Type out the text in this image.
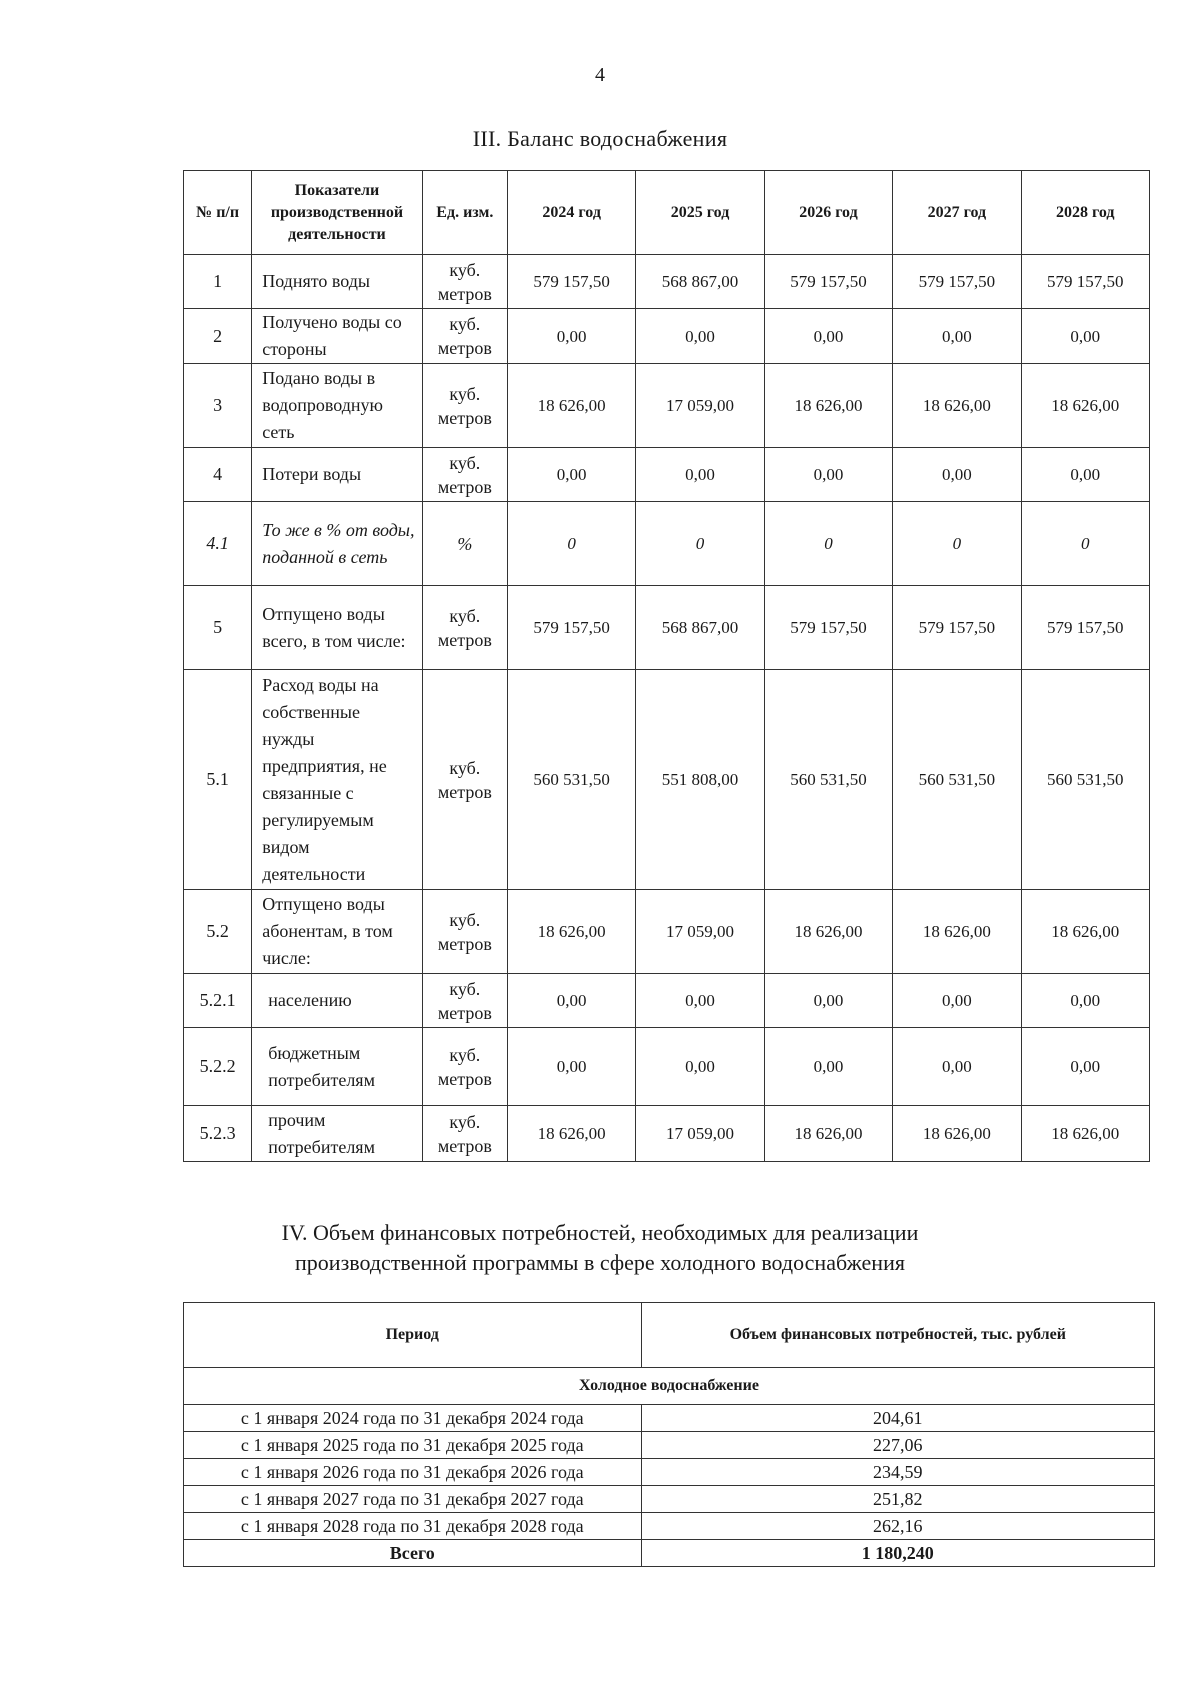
4
III. Баланс водоснабжения
№ п/п	Показатели производственной деятельности	Ед. изм.	2024 год	2025 год	2026 год	2027 год	2028 год
1	Поднято воды	куб. метров	579 157,50	568 867,00	579 157,50	579 157,50	579 157,50
2	Получено воды со стороны	куб. метров	0,00	0,00	0,00	0,00	0,00
3	Подано воды в водопроводную сеть	куб. метров	18 626,00	17 059,00	18 626,00	18 626,00	18 626,00
4	Потери воды	куб. метров	0,00	0,00	0,00	0,00	0,00
4.1	То же в % от воды, поданной в сеть	%	0	0	0	0	0
5	Отпущено воды всего, в том числе:	куб. метров	579 157,50	568 867,00	579 157,50	579 157,50	579 157,50
5.1	Расход воды на собственные нужды предприятия, не связанные с регулируемым видом деятельности	куб. метров	560 531,50	551 808,00	560 531,50	560 531,50	560 531,50
5.2	Отпущено воды абонентам, в том числе:	куб. метров	18 626,00	17 059,00	18 626,00	18 626,00	18 626,00
5.2.1	населению	куб. метров	0,00	0,00	0,00	0,00	0,00
5.2.2	бюджетным потребителям	куб. метров	0,00	0,00	0,00	0,00	0,00
5.2.3	прочим потребителям	куб. метров	18 626,00	17 059,00	18 626,00	18 626,00	18 626,00
IV. Объем финансовых потребностей, необходимых для реализации
производственной программы в сфере холодного водоснабжения
Период	Объем финансовых потребностей, тыс. рублей
Холодное водоснабжение	
с 1 января 2024 года по 31 декабря 2024 года	204,61
с 1 января 2025 года по 31 декабря 2025 года	227,06
с 1 января 2026 года по 31 декабря 2026 года	234,59
с 1 января 2027 года по 31 декабря 2027 года	251,82
с 1 января 2028 года по 31 декабря 2028 года	262,16
Всего	1 180,240
